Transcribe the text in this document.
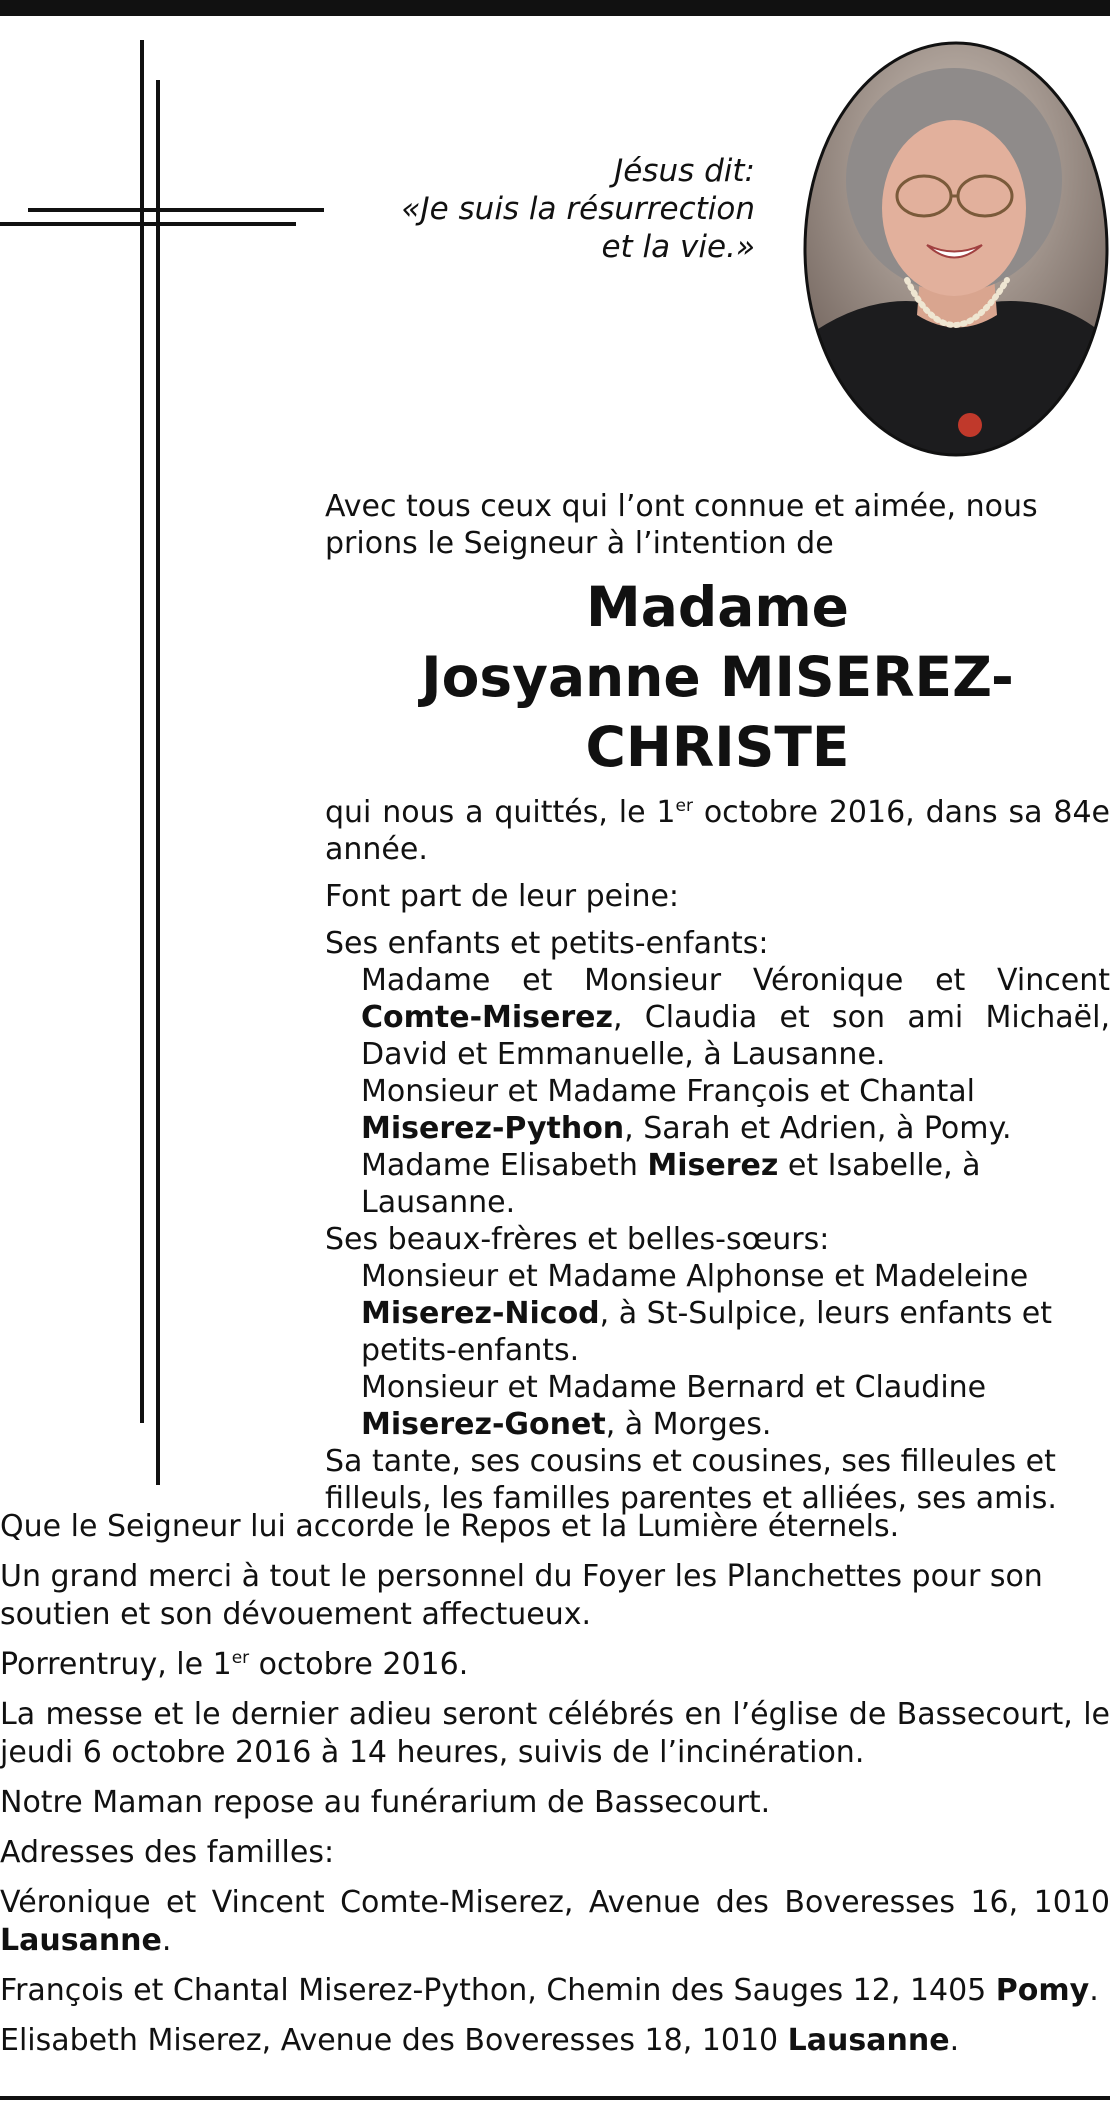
Jésus dit:
«Je suis la résurrection
et la vie.»

Avec tous ceux qui l’ont connue et aimée, nous prions le Seigneur à l’intention de

Madame
Josyanne MISEREZ-CHRISTE

qui nous a quittés, le 1er octobre 2016, dans sa 84e année.

Font part de leur peine:

Ses enfants et petits-enfants:

Madame et Monsieur Véronique et Vincent Comte-Miserez, Claudia et son ami Michaël, David et Emmanuelle, à Lausanne.

Monsieur et Madame François et Chantal Miserez-Python, Sarah et Adrien, à Pomy.

Madame Elisabeth Miserez et Isabelle, à Lausanne.

Ses beaux-frères et belles-sœurs:

Monsieur et Madame Alphonse et Madeleine Miserez-Nicod, à St-Sulpice, leurs enfants et petits-enfants.

Monsieur et Madame Bernard et Claudine Miserez-Gonet, à Morges.

Sa tante, ses cousins et cousines, ses filleules et filleuls, les familles parentes et alliées, ses amis.

Que le Seigneur lui accorde le Repos et la Lumière éternels.

Un grand merci à tout le personnel du Foyer les Planchettes pour son soutien et son dévouement affectueux.

Porrentruy, le 1er octobre 2016.

La messe et le dernier adieu seront célébrés en l’église de Bassecourt, le jeudi 6 octobre 2016 à 14 heures, suivis de l’incinération.

Notre Maman repose au funérarium de Bassecourt.

Adresses des familles:

Véronique et Vincent Comte-Miserez, Avenue des Boveresses 16, 1010 Lausanne.

François et Chantal Miserez-Python, Chemin des Sauges 12, 1405 Pomy.

Elisabeth Miserez, Avenue des Boveresses 18, 1010 Lausanne.
